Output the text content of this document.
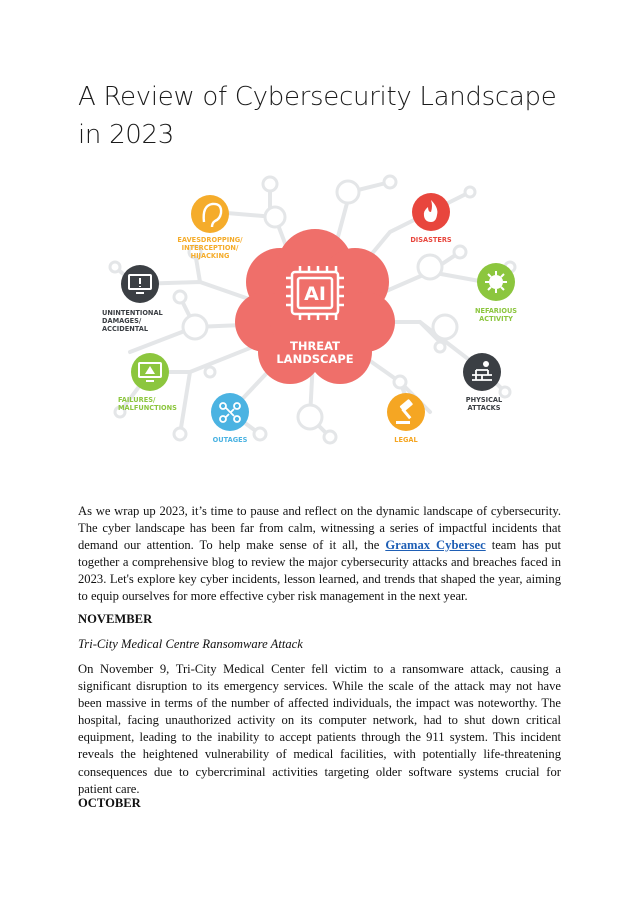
A Review of Cybersecurity Landscape in 2023
AI
THREAT
LANDSCAPE
EAVESDROPPING/
INTERCEPTION/
HIJACKING
DISASTERS
UNINTENTIONAL
DAMAGES/
ACCIDENTAL
NEFARIOUS
ACTIVITY
FAILURES/
MALFUNCTIONS
PHYSICAL
ATTACKS
OUTAGES	LEGAL

As we wrap up 2023, it’s time to pause and reflect on the dynamic landscape of cybersecurity. The cyber landscape has been far from calm, witnessing a series of impactful incidents that demand our attention. To help make sense of it all, the Gramax Cybersec team has put together a comprehensive blog to review the major cybersecurity attacks and breaches faced in 2023. Let's explore key cyber incidents, lesson learned, and trends that shaped the year, aiming to equip ourselves for more effective cyber risk management in the next year.

NOVEMBER

Tri-City Medical Centre Ransomware Attack

On November 9, Tri-City Medical Center fell victim to a ransomware attack, causing a significant disruption to its emergency services. While the scale of the attack may not have been massive in terms of the number of affected individuals, the impact was noteworthy. The hospital, facing unauthorized activity on its computer network, had to shut down critical equipment, leading to the inability to accept patients through the 911 system. This incident reveals the heightened vulnerability of medical facilities, with potentially life-threatening consequences due to cybercriminal activities targeting older software systems crucial for patient care.

OCTOBER
